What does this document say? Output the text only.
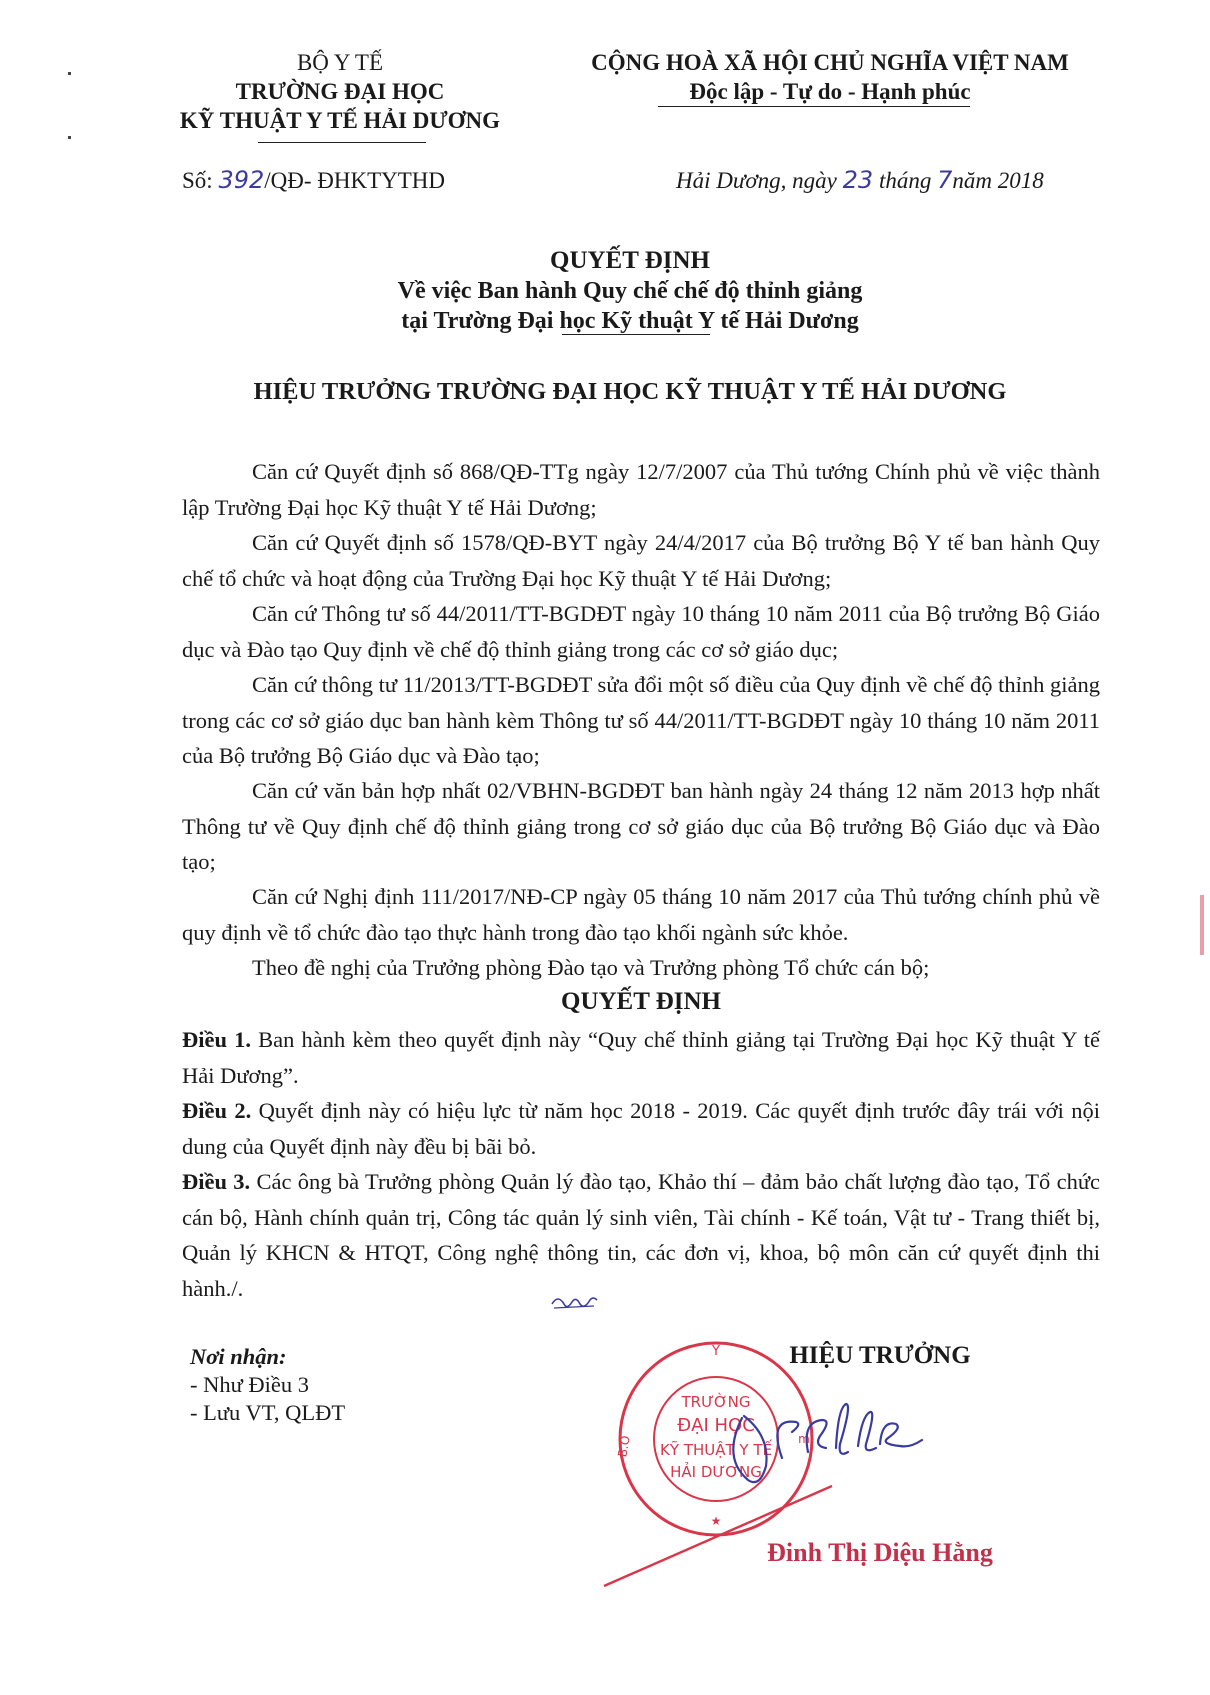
BỘ Y TẾ
TRƯỜNG ĐẠI HỌC
KỸ THUẬT Y TẾ HẢI DƯƠNG
CỘNG HOÀ XÃ HỘI CHỦ NGHĨA VIỆT NAM
Độc lập - Tự do - Hạnh phúc
Số: 392/QĐ- ĐHKTYTHD	Hải Dương, ngày 23 tháng 7năm 2018
QUYẾT ĐỊNH
Về việc Ban hành Quy chế chế độ thỉnh giảng
tại Trường Đại học Kỹ thuật Y tế Hải Dương
HIỆU TRƯỞNG TRƯỜNG ĐẠI HỌC KỸ THUẬT Y TẾ HẢI DƯƠNG
Căn cứ Quyết định số 868/QĐ-TTg ngày 12/7/2007 của Thủ tướng Chính phủ về việc thành lập Trường Đại học Kỹ thuật Y tế Hải Dương;
Căn cứ Quyết định số 1578/QĐ-BYT ngày 24/4/2017 của Bộ trưởng Bộ Y tế ban hành Quy chế tổ chức và hoạt động của Trường Đại học Kỹ thuật Y tế Hải Dương;
Căn cứ Thông tư số 44/2011/TT-BGDĐT ngày 10 tháng 10 năm 2011 của Bộ trưởng Bộ Giáo dục và Đào tạo Quy định về chế độ thỉnh giảng trong các cơ sở giáo dục;
Căn cứ thông tư 11/2013/TT-BGDĐT sửa đổi một số điều của Quy định về chế độ thỉnh giảng trong các cơ sở giáo dục ban hành kèm Thông tư số 44/2011/TT-BGDĐT ngày 10 tháng 10 năm 2011 của Bộ trưởng Bộ Giáo dục và Đào tạo;
Căn cứ văn bản hợp nhất 02/VBHN-BGDĐT ban hành ngày 24 tháng 12 năm 2013 hợp nhất Thông tư về Quy định chế độ thỉnh giảng trong cơ sở giáo dục của Bộ trưởng Bộ Giáo dục và Đào tạo;
Căn cứ Nghị định 111/2017/NĐ-CP ngày 05 tháng 10 năm 2017 của Thủ tướng chính phủ về quy định về tổ chức đào tạo thực hành trong đào tạo khối ngành sức khỏe.
Theo đề nghị của Trưởng phòng Đào tạo và Trưởng phòng Tổ chức cán bộ;
QUYẾT ĐỊNH
Điều 1. Ban hành kèm theo quyết định này “Quy chế thỉnh giảng tại Trường Đại học Kỹ thuật Y tế Hải Dương”.
Điều 2. Quyết định này có hiệu lực từ năm học 2018 - 2019. Các quyết định trước đây trái với nội dung của Quyết định này đều bị bãi bỏ.
Điều 3. Các ông bà Trưởng phòng Quản lý đào tạo, Khảo thí – đảm bảo chất lượng đào tạo, Tổ chức cán bộ, Hành chính quản trị, Công tác quản lý sinh viên, Tài chính - Kế toán, Vật tư - Trang thiết bị, Quản lý KHCN & HTQT, Công nghệ thông tin, các đơn vị, khoa, bộ môn căn cứ quyết định thi hành./.
Nơi nhận:
- Như Điều 3
- Lưu VT, QLĐT
Y
B.O	m
TRƯỜNG
ĐẠI HỌC
KỸ THUẬT Y TẾ
HẢI DƯƠNG
★
HIỆU TRƯỞNG
Đinh Thị Diệu Hằng
